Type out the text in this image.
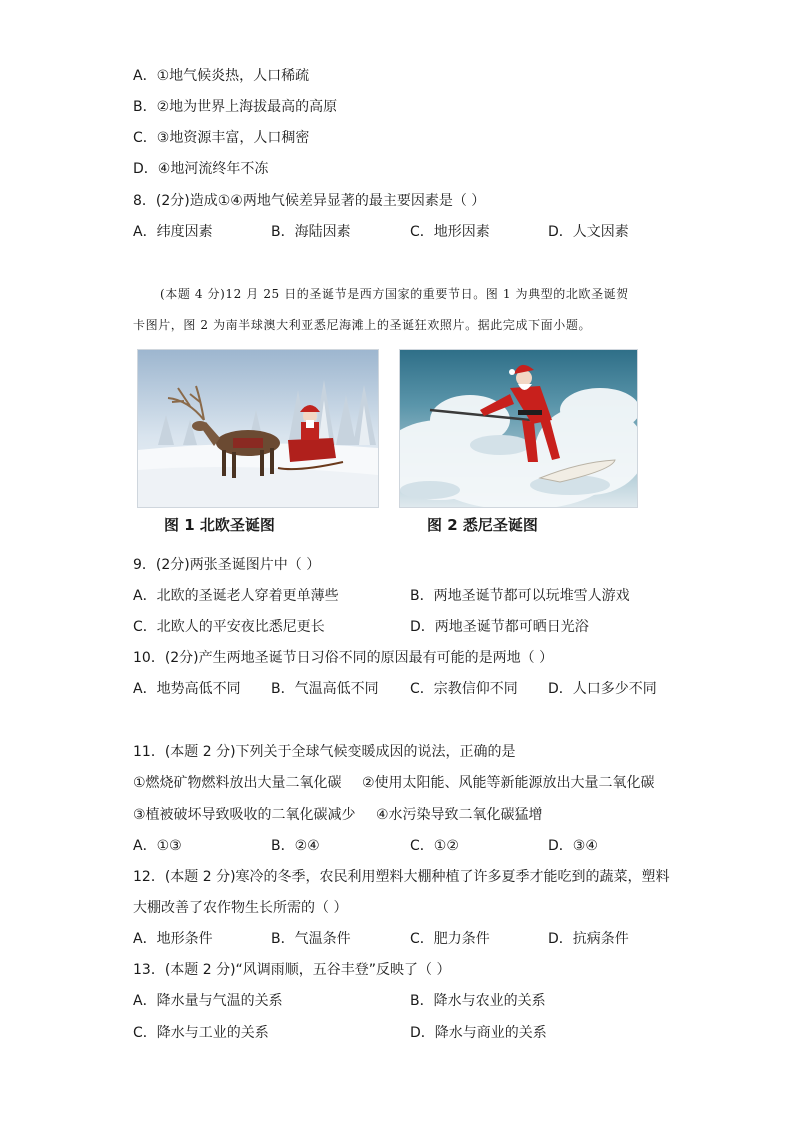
A．①地气候炎热，人口稀疏
B．②地为世界上海拔最高的高原
C．③地资源丰富，人口稠密
D．④地河流终年不冻
8．(2分)造成①④两地气候差异显著的最主要因素是（ ）
A．纬度因素	B．海陆因素	C．地形因素	D．人文因素
(本题 4 分)12 月 25 日的圣诞节是西方国家的重要节日。图 1 为典型的北欧圣诞贺
卡图片，图 2 为南半球澳大利亚悉尼海滩上的圣诞狂欢照片。据此完成下面小题。
图 1 北欧圣诞图	图 2 悉尼圣诞图
9．(2分)两张圣诞图片中（ ）
A．北欧的圣诞老人穿着更单薄些	B．两地圣诞节都可以玩堆雪人游戏
C．北欧人的平安夜比悉尼更长	D．两地圣诞节都可晒日光浴
10．(2分)产生两地圣诞节日习俗不同的原因最有可能的是两地（ ）
A．地势高低不同 B．气温高低不同 C．宗教信仰不同 D．人口多少不同
11．(本题 2 分)下列关于全球气候变暖成因的说法，正确的是
①燃烧矿物燃料放出大量二氧化碳 ②使用太阳能、风能等新能源放出大量二氧化碳
③植被破坏导致吸收的二氧化碳减少 ④水污染导致二氧化碳猛增
A．①③	B．②④	C．①②	D．③④
12．(本题 2 分)寒冷的冬季，农民利用塑料大棚种植了许多夏季才能吃到的蔬菜，塑料
大棚改善了农作物生长所需的（ ）
A．地形条件	B．气温条件	C．肥力条件	D．抗病条件
13．(本题 2 分)“风调雨顺，五谷丰登”反映了（ ）
A．降水量与气温的关系	B．降水与农业的关系
C．降水与工业的关系	D．降水与商业的关系
